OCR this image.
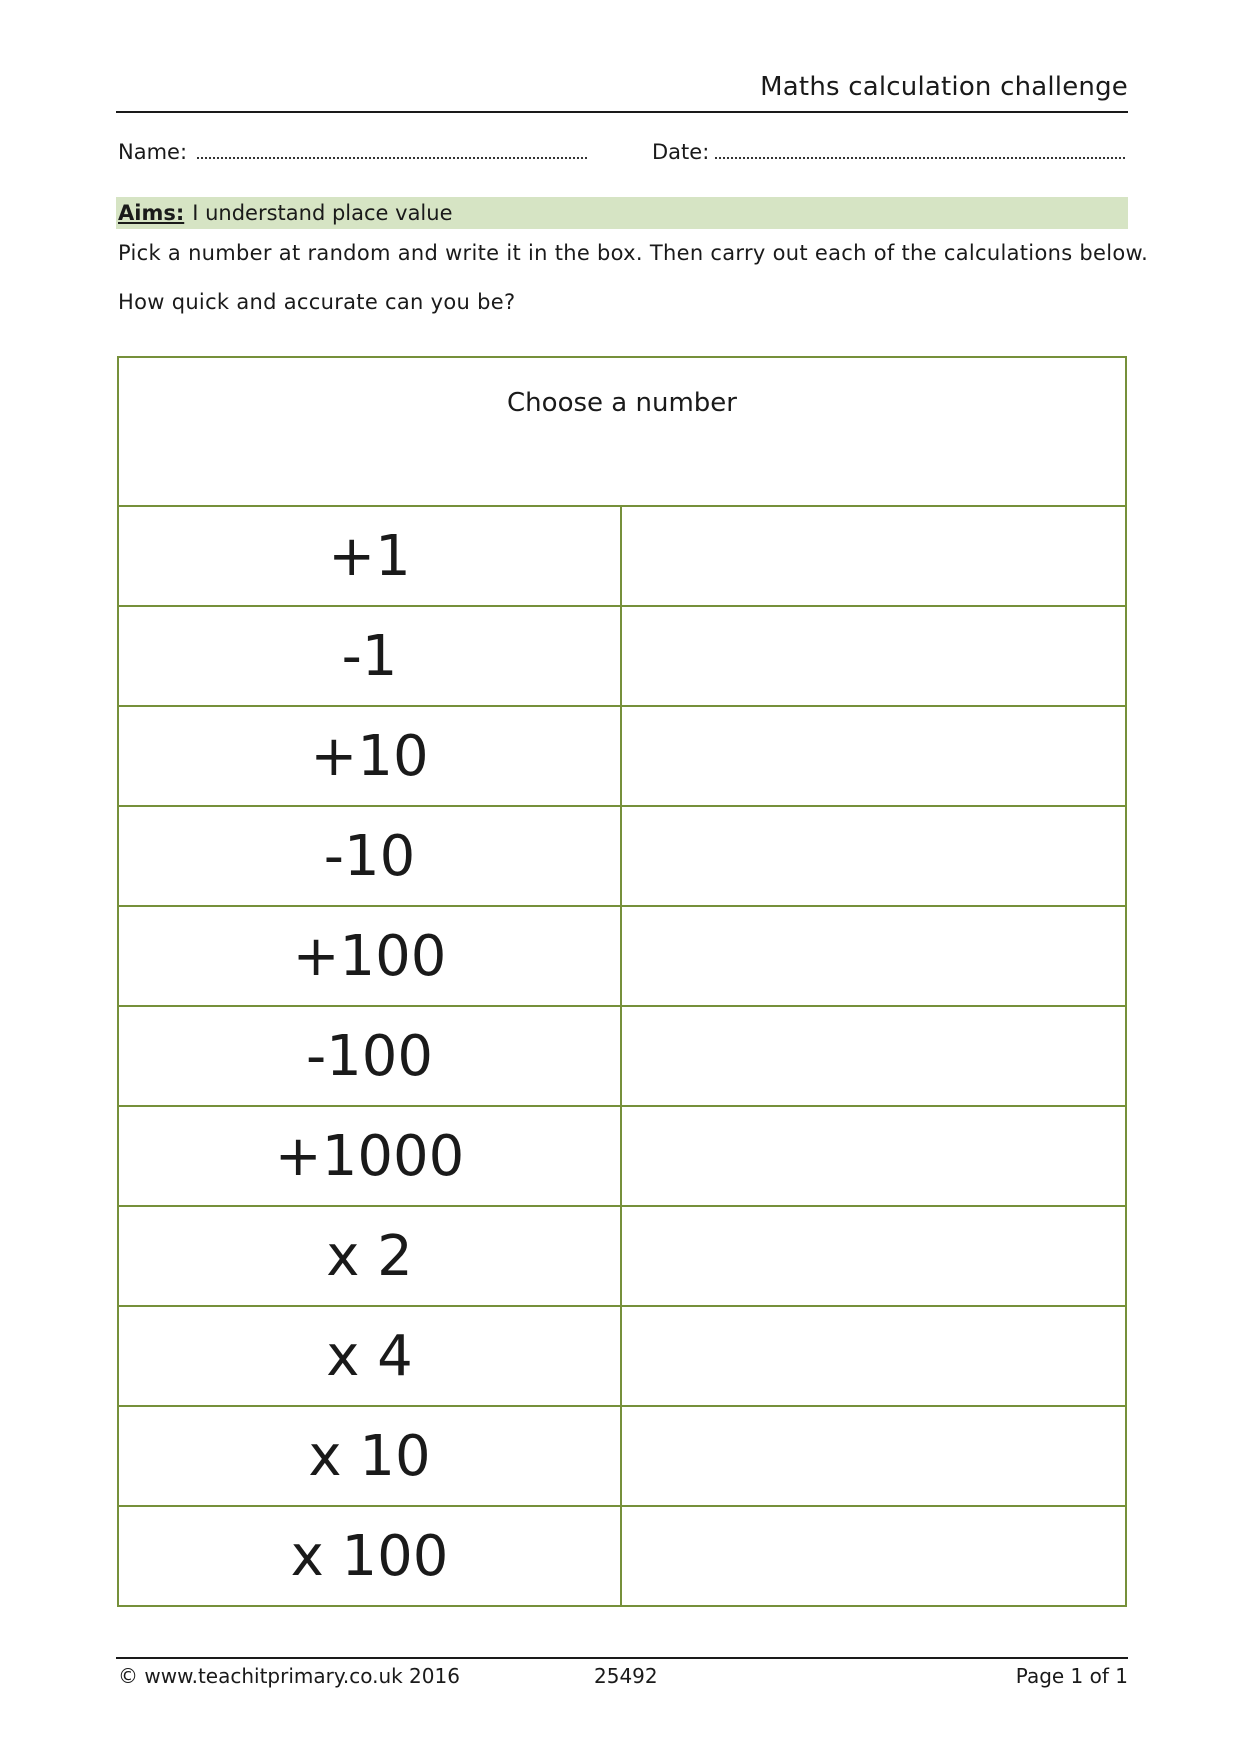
Maths calculation challenge
Name:	Date:
Aims: I understand place value
Pick a number at random and write it in the box. Then carry out each of the calculations below.
How quick and accurate can you be?
Choose a number
+1
-1
+10
-10
+100
-100
+1000
x 2
x 4
x 10
x 100
© www.teachitprimary.co.uk 2016	25492	Page 1 of 1
